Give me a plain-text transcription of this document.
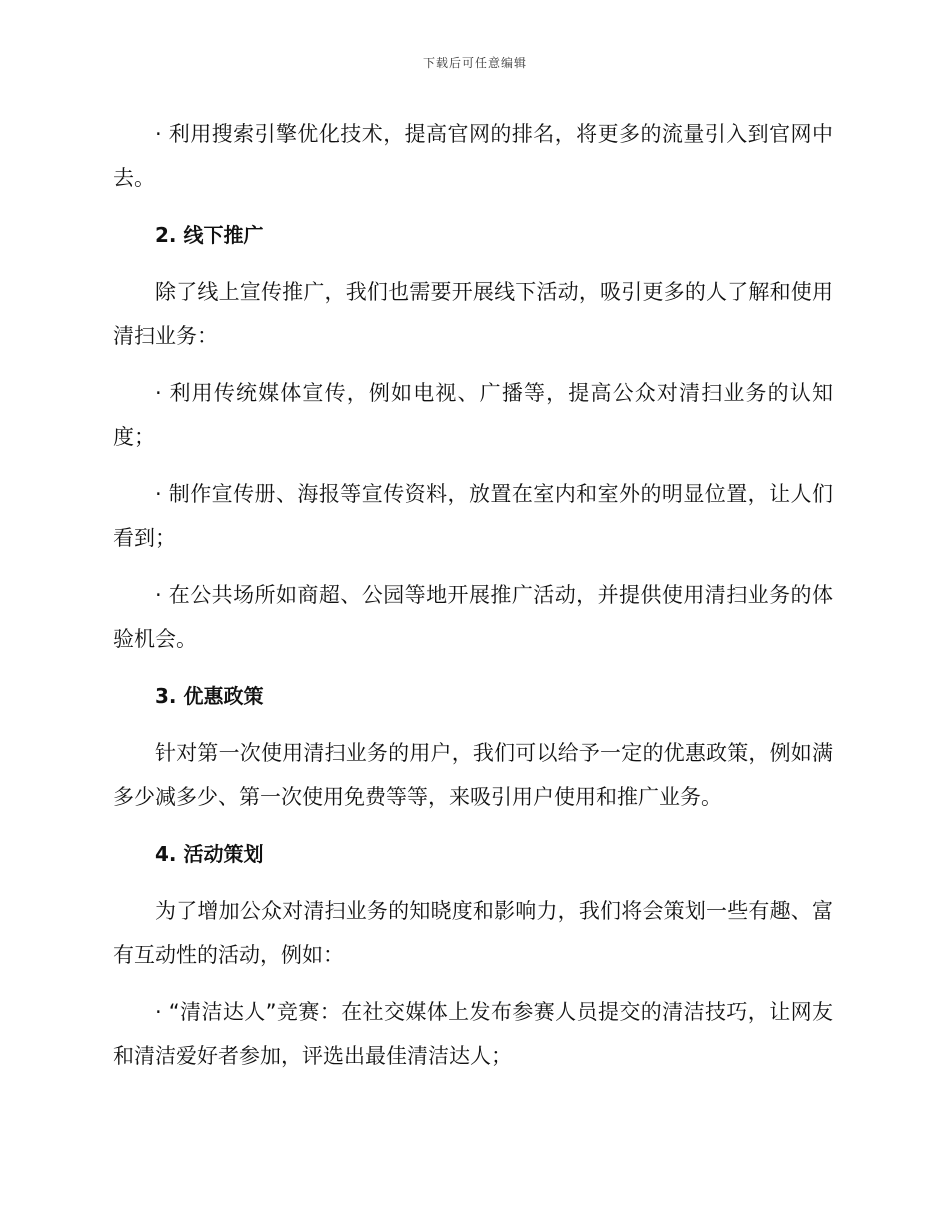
下载后可任意编辑

· 利用搜索引擎优化技术，提高官网的排名，将更多的流量引入到官网中去。

2. 线下推广

除了线上宣传推广，我们也需要开展线下活动，吸引更多的人了解和使用清扫业务：

· 利用传统媒体宣传，例如电视、广播等，提高公众对清扫业务的认知度；

· 制作宣传册、海报等宣传资料，放置在室内和室外的明显位置，让人们看到；

· 在公共场所如商超、公园等地开展推广活动，并提供使用清扫业务的体验机会。

3. 优惠政策

针对第一次使用清扫业务的用户，我们可以给予一定的优惠政策，例如满多少减多少、第一次使用免费等等，来吸引用户使用和推广业务。

4. 活动策划

为了增加公众对清扫业务的知晓度和影响力，我们将会策划一些有趣、富有互动性的活动，例如：

· “清洁达人”竞赛：在社交媒体上发布参赛人员提交的清洁技巧，让网友和清洁爱好者参加，评选出最佳清洁达人；
